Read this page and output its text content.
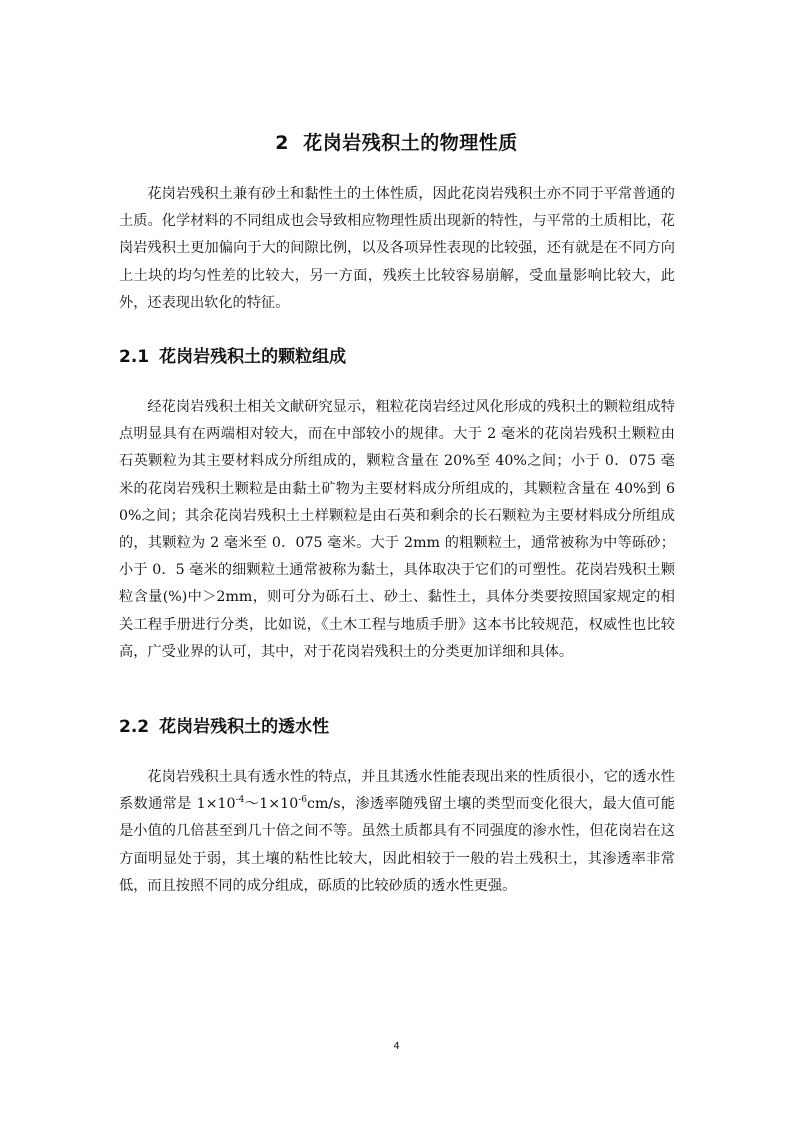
2 花岗岩残积土的物理性质

花岗岩残积土兼有砂土和黏性土的土体性质，因此花岗岩残积土亦不同于平常普通的土质。化学材料的不同组成也会导致相应物理性质出现新的特性，与平常的土质相比，花岗岩残积土更加偏向于大的间隙比例，以及各项异性表现的比较强，还有就是在不同方向上土块的均匀性差的比较大，另一方面，残疾土比较容易崩解，受血量影响比较大，此外，还表现出软化的特征。

2.1 花岗岩残积土的颗粒组成

经花岗岩残积土相关文献研究显示，粗粒花岗岩经过风化形成的残积土的颗粒组成特点明显具有在两端相对较大，而在中部较小的规律。大于 2 毫米的花岗岩残积土颗粒由石英颗粒为其主要材料成分所组成的，颗粒含量在 20%至 40%之间；小于 0．075 毫米的花岗岩残积土颗粒是由黏土矿物为主要材料成分所组成的，其颗粒含量在 40%到 60%之间；其余花岗岩残积土土样颗粒是由石英和剩余的长石颗粒为主要材料成分所组成的，其颗粒为 2 毫米至 0．075 毫米。大于 2mm 的粗颗粒土，通常被称为中等砾砂；小于 0．5 毫米的细颗粒土通常被称为黏土，具体取决于它们的可塑性。花岗岩残积土颗粒含量(%)中＞2mm，则可分为砾石土、砂土、黏性土，具体分类要按照国家规定的相关工程手册进行分类，比如说，《土木工程与地质手册》这本书比较规范，权威性也比较高，广受业界的认可，其中，对于花岗岩残积土的分类更加详细和具体。

2.2 花岗岩残积土的透水性

花岗岩残积土具有透水性的特点，并且其透水性能表现出来的性质很小，它的透水性系数通常是 $1\times 10^{-4}\sim 1\times 10^{-6}cm/s$，渗透率随残留土壤的类型而变化很大，最大值可能是小值的几倍甚至到几十倍之间不等。虽然土质都具有不同强度的渗水性，但花岗岩在这方面明显处于弱，其土壤的粘性比较大，因此相较于一般的岩土残积土，其渗透率非常低，而且按照不同的成分组成，砾质的比较砂质的透水性更强。

4
